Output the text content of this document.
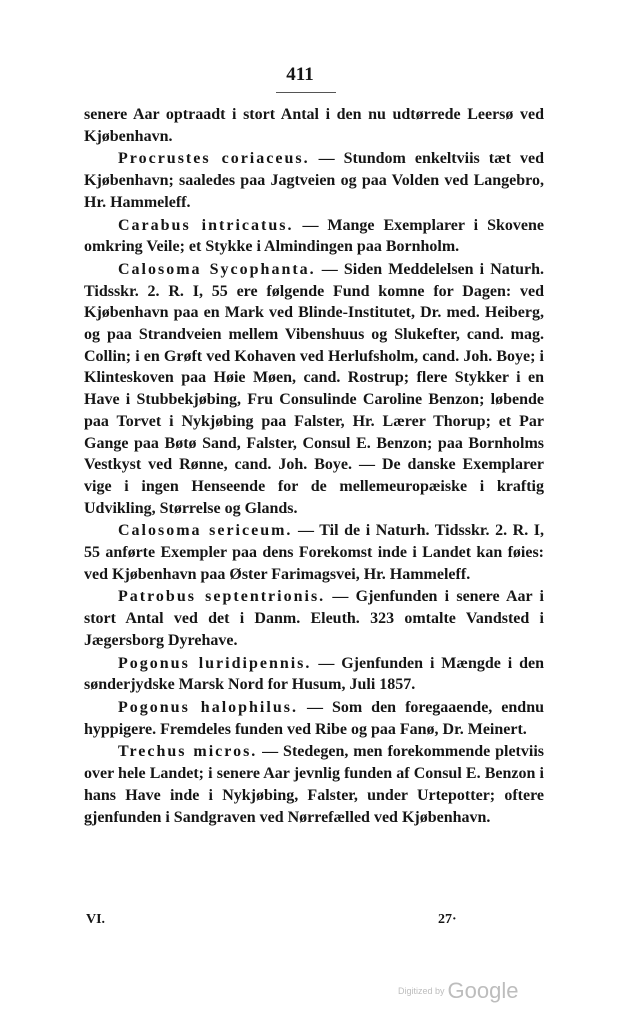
411

senere Aar optraadt i stort Antal i den nu udtørrede Leersø ved Kjøbenhavn.

Procrustes coriaceus. — Stundom enkeltviis tæt ved Kjøbenhavn; saaledes paa Jagtveien og paa Volden ved Langebro, Hr. Hammeleff.

Carabus intricatus. — Mange Exemplarer i Skovene omkring Veile; et Stykke i Almindingen paa Bornholm.

Calosoma Sycophanta. — Siden Meddelelsen i Naturh. Tidsskr. 2. R. I, 55 ere følgende Fund komne for Dagen: ved Kjøbenhavn paa en Mark ved Blinde-Institutet, Dr. med. Heiberg, og paa Strandveien mellem Vibenshuus og Slukefter, cand. mag. Collin; i en Grøft ved Kohaven ved Herlufsholm, cand. Joh. Boye; i Klinteskoven paa Høie Møen, cand. Rostrup; flere Stykker i en Have i Stubbekjøbing, Fru Consulinde Caroline Benzon; løbende paa Torvet i Nykjøbing paa Falster, Hr. Lærer Thorup; et Par Gange paa Bøtø Sand, Falster, Consul E. Benzon; paa Bornholms Vestkyst ved Rønne, cand. Joh. Boye. — De danske Exemplarer vige i ingen Henseende for de mellemeuropæiske i kraftig Udvikling, Størrelse og Glands.

Calosoma sericeum. — Til de i Naturh. Tidsskr. 2. R. I, 55 anførte Exempler paa dens Forekomst inde i Landet kan føies: ved Kjøbenhavn paa Øster Farimagsvei, Hr. Hammeleff.

Patrobus septentrionis. — Gjenfunden i senere Aar i stort Antal ved det i Danm. Eleuth. 323 omtalte Vandsted i Jægersborg Dyrehave.

Pogonus luridipennis. — Gjenfunden i Mængde i den sønderjydske Marsk Nord for Husum, Juli 1857.

Pogonus halophilus. — Som den foregaaende, endnu hyppigere. Fremdeles funden ved Ribe og paa Fanø, Dr. Meinert.

Trechus micros. — Stedegen, men forekommende pletviis over hele Landet; i senere Aar jevnlig funden af Consul E. Benzon i hans Have inde i Nykjøbing, Falster, under Urtepotter; oftere gjenfunden i Sandgraven ved Nørrefælled ved Kjøbenhavn.

VI.	27·
Digitized by Google
